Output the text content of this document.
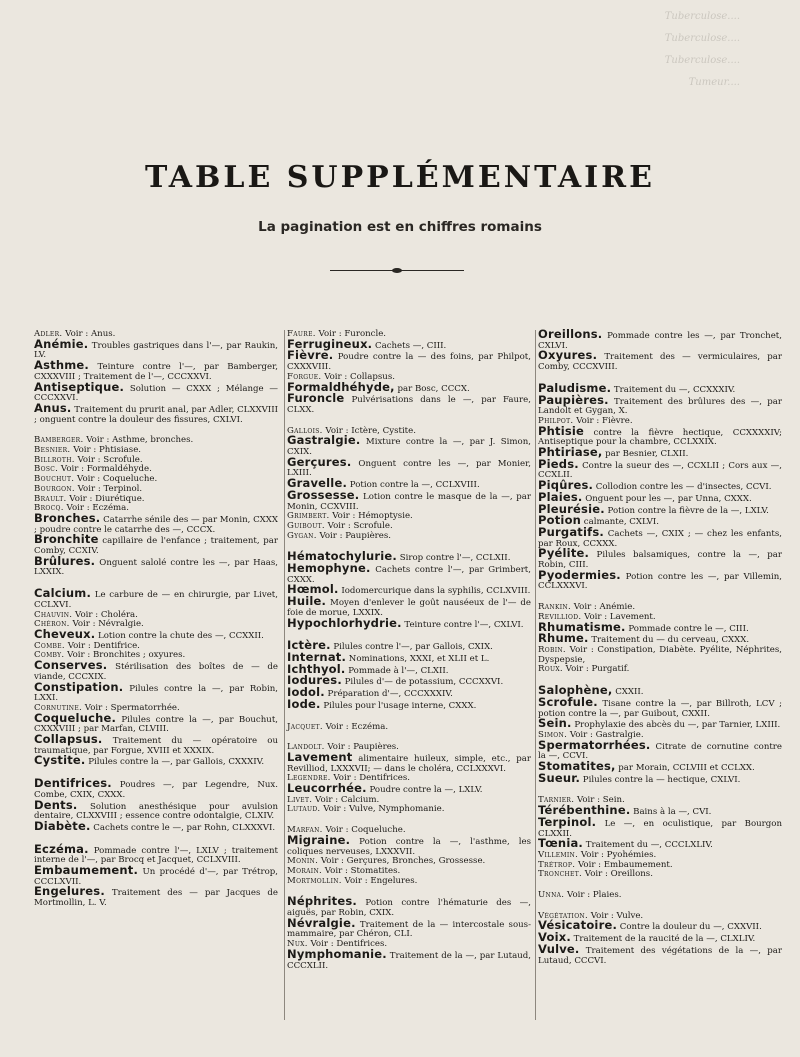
Tuberculose....
Tuberculose....
Tuberculose....
Tumeur....
TABLE SUPPLÉMENTAIRE
La pagination est en chiffres romains

Adler. Voir : Anus.

Anémie. Troubles gastriques dans l'—, par Raukin, LV.

Asthme. Teinture contre l'—, par Bamberger, CXXXVIII ; Traitement de l'—, CCCXXVI.

Antiseptique. Solution — CXXX ; Mélange — CCCXXVI.

Anus. Traitement du prurit anal, par Adler, CLXXVIII ; onguent contre la douleur des fissures, CXLVI.

Bamberger. Voir : Asthme, bronches.

Besnier. Voir : Phtisiase.

Billroth. Voir : Scrofule.

Bosc. Voir : Formaldéhyde.

Bouchut. Voir : Coqueluche.

Bourgon. Voir : Terpinol.

Brault. Voir : Diurétique.

Brocq. Voir : Eczéma.

Bronches. Catarrhe sénile des — par Monin, CXXX ; poudre contre le catarrhe des —, CCCX.

Bronchite capillaire de l'enfance ; traitement, par Comby, CCXIV.

Brûlures. Onguent salolé contre les —, par Haas, LXXIX.

Calcium. Le carbure de — en chirurgie, par Livet, CCLXVI.

Chauvin. Voir : Choléra.

Chéron. Voir : Névralgie.

Cheveux. Lotion contre la chute des —, CCXXII.

Combe. Voir : Dentifrice.

Comby. Voir : Bronchites ; oxyures.

Conserves. Stérilisation des boîtes de — de viande, CCCXIX.

Constipation. Pilules contre la —, par Robin, LXXI.

Cornutine. Voir : Spermatorrhée.

Coqueluche. Pilules contre la —, par Bouchut, CXXXVIII ; par Marfan, CLVIII.

Collapsus. Traitement du — opératoire ou traumatique, par Forgue, XVIII et XXXIX.

Cystite. Pilules contre la —, par Gallois, CXXXIV.

Dentifrices. Poudres —, par Legendre, Nux. Combe, CXIX, CXXX.

Dents. Solution anesthésique pour avulsion dentaire, CLXXVIII ; essence contre odontalgie, CLXIV.

Diabète. Cachets contre le —, par Rohn, CLXXXVI.

Eczéma. Pommade contre l'—, LXLV ; traitement interne de l'—, par Brocq et Jacquet, CCLXVIII.

Embaumement. Un procédé d'—, par Trétrop, CCCLXVII.

Engelures. Traitement des — par Jacques de Mortmollin, L. V.

Faure. Voir : Furoncle.

Ferrugineux. Cachets —, CIII.

Fièvre. Poudre contre la — des foins, par Philpot, CXXXVIII.

Forgue. Voir : Collapsus.

Formaldhéhyde, par Bosc, CCCX.

Furoncle Pulvérisations dans le —, par Faure, CLXX.

Gallois. Voir : Ictère, Cystite.

Gastralgie. Mixture contre la —, par J. Simon, CXIX.

Gerçures. Onguent contre les —, par Monier, LXIII.

Gravelle. Potion contre la —, CCLXVIII.

Grossesse. Lotion contre le masque de la —, par Monin, CCXVIII.

Grimbert. Voir : Hémoptysie.

Guibout. Voir : Scrofule.

Gygan. Voir : Paupières.

Hématochylurie. Sirop contre l'—, CCLXII.

Hemophyne. Cachets contre l'—, par Grimbert, CXXX.

Hœmol. Iodomercurique dans la syphilis, CCLXVIII.

Huile. Moyen d'enlever le goût nauséeux de l'— de foie de morue, LXXIX.

Hypochlorhydrie. Teinture contre l'—, CXLVI.

Ictère. Pilules contre l'—, par Gallois, CXIX.

Internat. Nominations, XXXI, et XLII et L.

Ichthyol. Pommade à l'—, CLXII.

Iodures. Pilules d'— de potassium, CCCXXVI.

Iodol. Préparation d'—, CCCXXXIV.

Iode. Pilules pour l'usage interne, CXXX.

Jacquet. Voir : Eczéma.

Landolt. Voir : Paupières.

Lavement alimentaire huileux, simple, etc., par Revilliod, LXXXVII; — dans le choléra, CCLXXXVI.

Legendre. Voir : Dentifrices.

Leucorrhée. Poudre contre la —, LXLV.

Livet. Voir : Calcium.

Lutaud. Voir : Vulve, Nymphomanie.

Marfan. Voir : Coqueluche.

Migraine. Potion contre la —, l'asthme, les coliques nerveuses, LXXXVII.

Monin. Voir : Gerçures, Bronches, Grossesse.

Morain. Voir : Stomatites.

Mortmollin. Voir : Engelures.

Néphrites. Potion contre l'hématurie des —, aiguës, par Robin, CXIX.

Névralgie. Traitement de la — intercostale sous-mammaire, par Chéron, CLI.

Nux. Voir : Dentifrices.

Nymphomanie. Traitement de la —, par Lutaud, CCCXLII.

Oreillons. Pommade contre les —, par Tronchet, CXLVI.

Oxyures. Traitement des — vermiculaires, par Comby, CCCXVIII.

Paludisme. Traitement du —, CCXXXIV.

Paupières. Traitement des brûlures des —, par Landolt et Gygan, X.

Philpot. Voir : Fièvre.

Phtisie contre la fièvre hectique, CCXXXXIV; Antiseptique pour la chambre, CCLXXIX.

Phtiriase, par Besnier, CLXII.

Pieds. Contre la sueur des —, CCXLII ; Cors aux —, CCXLII.

Piqûres. Collodion contre les — d'insectes, CCVI.

Plaies. Onguent pour les —, par Unna, CXXX.

Pleurésie. Potion contre la fièvre de la —, LXLV.

Potion calmante, CXLVI.

Purgatifs. Cachets —, CXIX ; — chez les enfants, par Roux, CCXXX.

Pyélite. Pilules balsamiques, contre la —, par Robin, CIII.

Pyodermies. Potion contre les —, par Villemin, CCLXXXVI.

Rankin. Voir : Anémie.

Revilliod. Voir : Lavement.

Rhumatisme. Pommade contre le —, CIII.

Rhume. Traitement du — du cerveau, CXXX.

Robin. Voir : Constipation, Diabète. Pyélite, Néphrites, Dyspepsie,

Roux. Voir : Purgatif.

Salophène, CXXII.

Scrofule. Tisane contre la —, par Billroth, LCV ; potion contre la —, par Guibout, CXXII.

Sein. Prophylaxie des abcès du —, par Tarnier, LXIII.

Simon. Voir : Gastralgie.

Spermatorrhées. Citrate de cornutine contre la —, CCVI.

Stomatites, par Morain, CCLVIII et CCLXX.

Sueur. Pilules contre la — hectique, CXLVI.

Tarnier. Voir : Sein.

Térébenthine. Bains à la —, CVI.

Terpinol. Le —, en oculistique, par Bourgon CLXXII.

Tœnia. Traitement du —, CCCLXLIV.

Villemin. Voir : Pyohémies.

Trétrop. Voir : Embaumement.

Tronchet. Voir : Oreillons.

Unna. Voir : Plaies.

Végétation. Voir : Vulve.

Vésicatoire. Contre la douleur du —, CXXVII.

Voix. Traitement de la raucité de la —, CLXLIV.

Vulve. Traitement des végétations de la —, par Lutaud, CCCVI.
